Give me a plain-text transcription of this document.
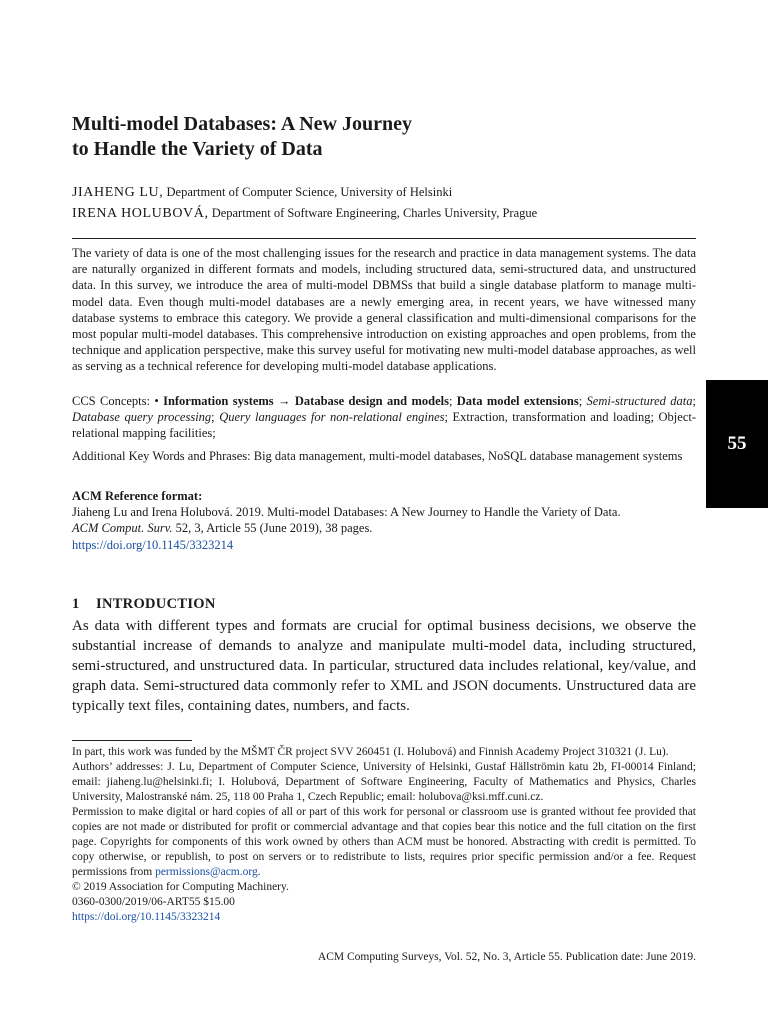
Multi-model Databases: A New Journey
to Handle the Variety of Data
JIAHENG LU, Department of Computer Science, University of Helsinki
IRENA HOLUBOVÁ, Department of Software Engineering, Charles University, Prague

The variety of data is one of the most challenging issues for the research and practice in data management systems. The data are naturally organized in different formats and models, including structured data, semi-structured data, and unstructured data. In this survey, we introduce the area of multi-model DBMSs that build a single database platform to manage multi-model data. Even though multi-model databases are a newly emerging area, in recent years, we have witnessed many database systems to embrace this category. We provide a general classification and multi-dimensional comparisons for the most popular multi-model databases. This comprehensive introduction on existing approaches and open problems, from the technique and application perspective, make this survey useful for motivating new multi-model database approaches, as well as serving as a technical reference for developing multi-model database applications.

CCS Concepts: • Information systems → Database design and models; Data model extensions; Semi-structured data; Database query processing; Query languages for non-relational engines; Extraction, transformation and loading; Object-relational mapping facilities;

Additional Key Words and Phrases: Big data management, multi-model databases, NoSQL database management systems

ACM Reference format:

Jiaheng Lu and Irena Holubová. 2019. Multi-model Databases: A New Journey to Handle the Variety of Data.
ACM Comput. Surv. 52, 3, Article 55 (June 2019), 38 pages.

https://doi.org/10.1145/3323214

1 INTRODUCTION
As data with different types and formats are crucial for optimal business decisions, we observe the substantial increase of demands to analyze and manipulate multi-model data, including structured, semi-structured, and unstructured data. In particular, structured data includes relational, key/value, and graph data. Semi-structured data commonly refer to XML and JSON documents. Unstructured data are typically text files, containing dates, numbers, and facts.

In part, this work was funded by the MŠMT ČR project SVV 260451 (I. Holubová) and Finnish Academy Project 310321 (J. Lu).

Authors’ addresses: J. Lu, Department of Computer Science, University of Helsinki, Gustaf Hällströmin katu 2b, FI-00014 Finland; email: jiaheng.lu@helsinki.fi; I. Holubová, Department of Software Engineering, Faculty of Mathematics and Physics, Charles University, Malostranské nám. 25, 118 00 Praha 1, Czech Republic; email: holubova@ksi.mff.cuni.cz.

Permission to make digital or hard copies of all or part of this work for personal or classroom use is granted without fee provided that copies are not made or distributed for profit or commercial advantage and that copies bear this notice and the full citation on the first page. Copyrights for components of this work owned by others than ACM must be honored. Abstracting with credit is permitted. To copy otherwise, or republish, to post on servers or to redistribute to lists, requires prior specific permission and/or a fee. Request permissions from permissions@acm.org.

© 2019 Association for Computing Machinery.

0360-0300/2019/06-ART55 $15.00

https://doi.org/10.1145/3323214

ACM Computing Surveys, Vol. 52, No. 3, Article 55. Publication date: June 2019.
55
